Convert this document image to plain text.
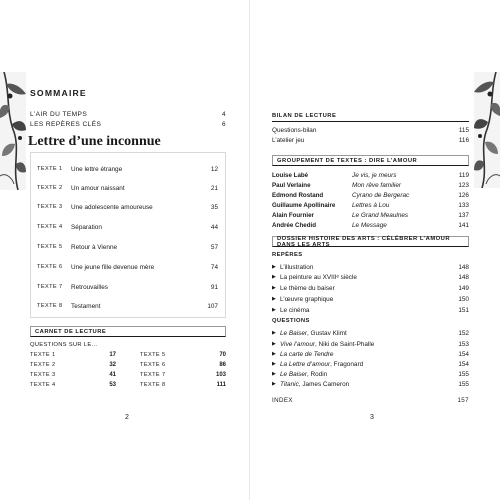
SOMMAIRE
L’AIR DU TEMPS	4
LES REPÈRES CLÉS	6
Lettre d’une inconnue
TEXTE 1	Une lettre étrange	12
TEXTE 2	Un amour naissant	21
TEXTE 3	Une adolescente amoureuse	35
TEXTE 4	Séparation	44
TEXTE 5	Retour à Vienne	57
TEXTE 6	Une jeune fille devenue mère	74
TEXTE 7	Retrouvailles	91
TEXTE 8	Testament	107
CARNET DE LECTURE
QUESTIONS SUR LE…
TEXTE 1	17
TEXTE 2	32
TEXTE 3	41
TEXTE 4	53
TEXTE 5	70
TEXTE 6	86
TEXTE 7	103
TEXTE 8	111
2
BILAN DE LECTURE
Questions-bilan	115
L’atelier jeu	116
GROUPEMENT DE TEXTES : DIRE L’AMOUR
Louise Labé	Je vis, je meurs	119
Paul Verlaine	Mon rêve familier	123
Edmond Rostand	Cyrano de Bergerac	126
Guillaume Apollinaire	Lettres à Lou	133
Alain Fournier	Le Grand Meaulnes	137
Andrée Chedid	Le Message	141
DOSSIER HISTOIRE DES ARTS : CÉLÉBRER L’AMOUR DANS LES ARTS
REPÈRES
▶ L’illustration	148
▶ La peinture au XVIIIᵉ siècle	148
▶ Le thème du baiser	149
▶ L’œuvre graphique	150
▶ Le cinéma	151
QUESTIONS
▶ Le Baiser, Gustav Klimt	152
▶ Vive l’amour, Niki de Saint-Phalle	153
▶ La carte de Tendre	154
▶ La Lettre d’amour, Fragonard	154
▶ Le Baiser, Rodin	155
▶ Titanic, James Cameron	155
INDEX	157
3
